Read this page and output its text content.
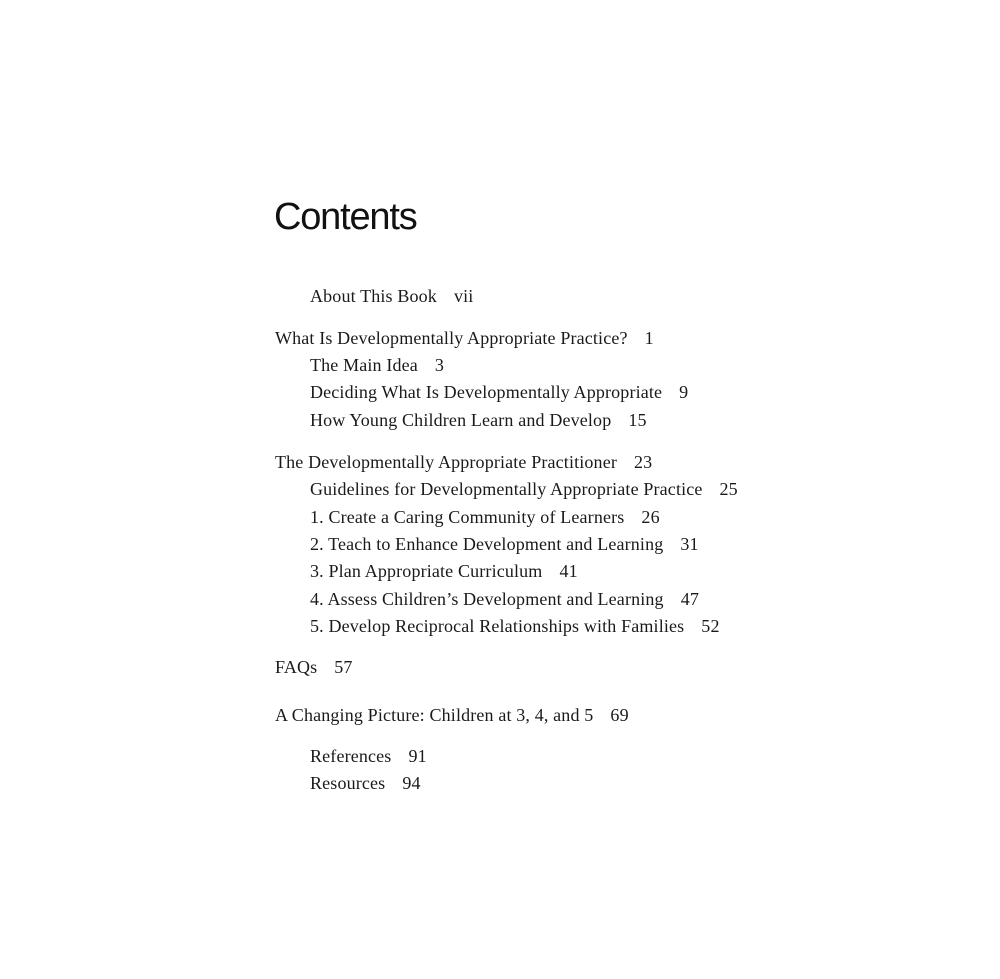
Contents
About This Book vii
What Is Developmentally Appropriate Practice? 1
The Main Idea 3
Deciding What Is Developmentally Appropriate 9
How Young Children Learn and Develop 15
The Developmentally Appropriate Practitioner 23
Guidelines for Developmentally Appropriate Practice 25
1. Create a Caring Community of Learners 26
2. Teach to Enhance Development and Learning 31
3. Plan Appropriate Curriculum 41
4. Assess Children’s Development and Learning 47
5. Develop Reciprocal Relationships with Families 52
FAQs 57
A Changing Picture: Children at 3, 4, and 5 69
References 91
Resources 94
